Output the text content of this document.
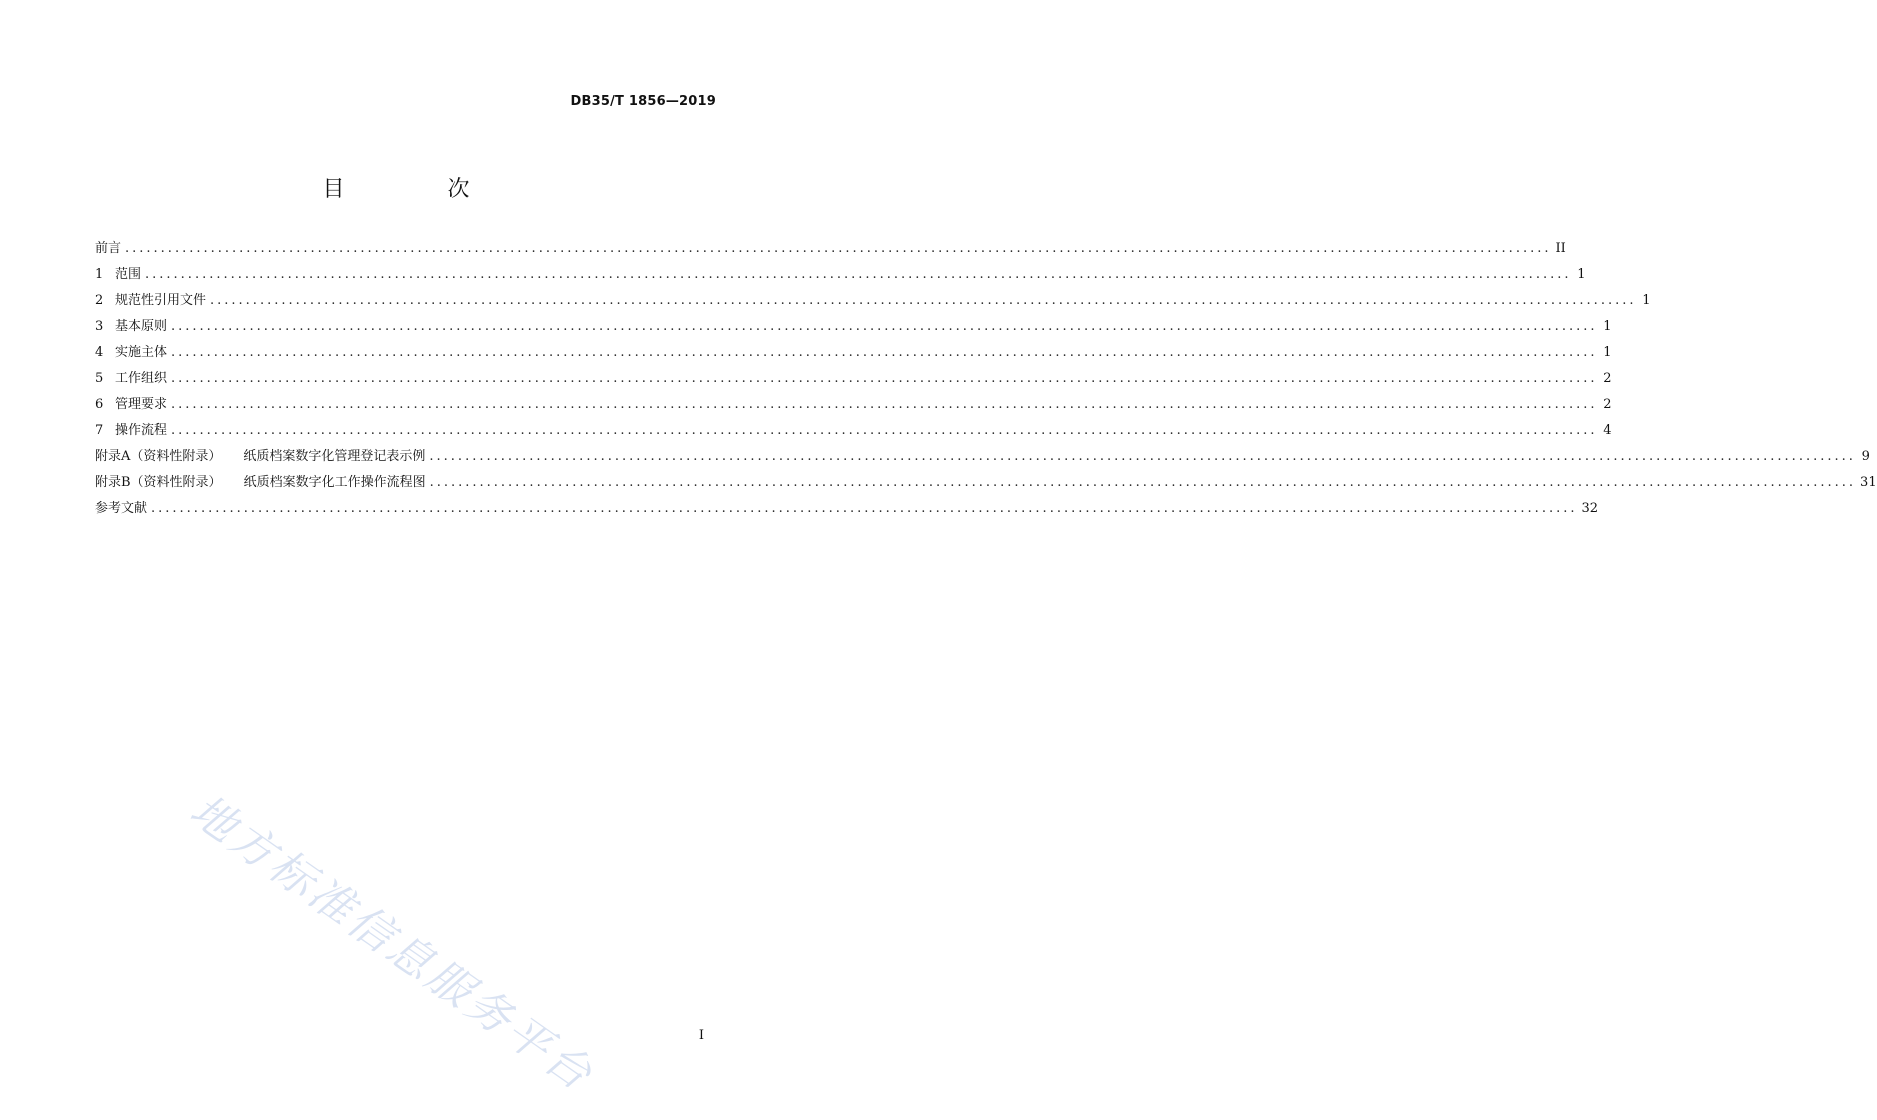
DB35/T 1856—2019
目 次
前言 ........................................................................................................................................................................................................ II
1 范围 ........................................................................................................................................................................................................ 1
2 规范性引用文件 ........................................................................................................................................................................................................ 1
3 基本原则 ........................................................................................................................................................................................................ 1
4 实施主体 ........................................................................................................................................................................................................ 1
5 工作组织 ........................................................................................................................................................................................................ 2
6 管理要求 ........................................................................................................................................................................................................ 2
7 操作流程 ........................................................................................................................................................................................................ 4
附录A（资料性附录） 纸质档案数字化管理登记表示例 ........................................................................................................................................................................................................ 9
附录B（资料性附录） 纸质档案数字化工作操作流程图 ........................................................................................................................................................................................................ 31
参考文献 ........................................................................................................................................................................................................ 32
地方标准信息服务平台	I
